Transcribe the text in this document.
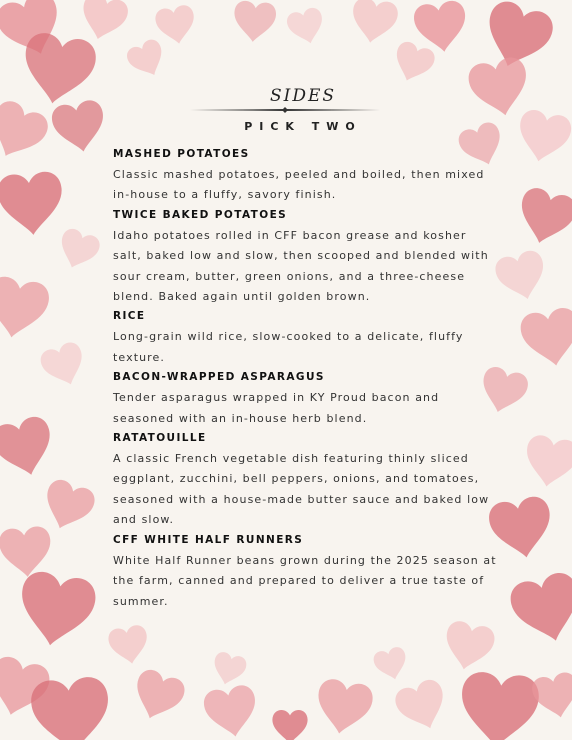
SIDES
PICK TWO
MASHED POTATOES
Classic mashed potatoes, peeled and boiled, then mixed in-house to a fluffy, savory finish.
TWICE BAKED POTATOES
Idaho potatoes rolled in CFF bacon grease and kosher salt, baked low and slow, then scooped and blended with sour cream, butter, green onions, and a three-cheese blend. Baked again until golden brown.
RICE
Long-grain wild rice, slow-cooked to a delicate, fluffy texture.
BACON-WRAPPED ASPARAGUS
Tender asparagus wrapped in KY Proud bacon and seasoned with an in-house herb blend.
RATATOUILLE
A classic French vegetable dish featuring thinly sliced eggplant, zucchini, bell peppers, onions, and tomatoes, seasoned with a house-made butter sauce and baked low and slow.
CFF WHITE HALF RUNNERS
White Half Runner beans grown during the 2025 season at the farm, canned and prepared to deliver a true taste of summer.
